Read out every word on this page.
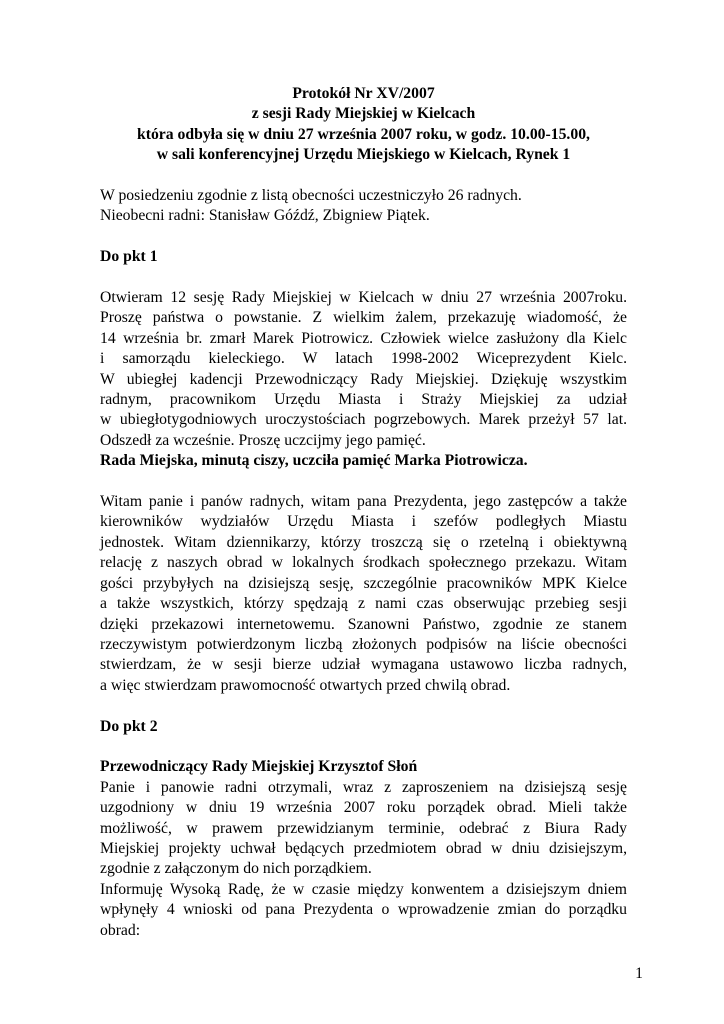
Protokół Nr XV/2007
z sesji Rady Miejskiej w Kielcach
która odbyła się w dniu 27 września 2007 roku, w godz. 10.00-15.00,
w sali konferencyjnej Urzędu Miejskiego w Kielcach, Rynek 1
W posiedzeniu zgodnie z listą obecności uczestniczyło 26 radnych.
Nieobecni radni: Stanisław Góźdź, Zbigniew Piątek.
Do pkt 1
Otwieram 12 sesję Rady Miejskiej w Kielcach w dniu 27 września 2007roku.
Proszę państwa o powstanie. Z wielkim żalem, przekazuję wiadomość, że
14 września br. zmarł Marek Piotrowicz. Człowiek wielce zasłużony dla Kielc
i samorządu kieleckiego. W latach 1998-2002 Wiceprezydent Kielc.
W ubiegłej kadencji Przewodniczący Rady Miejskiej. Dziękuję wszystkim
radnym, pracownikom Urzędu Miasta i Straży Miejskiej za udział
w ubiegłotygodniowych uroczystościach pogrzebowych. Marek przeżył 57 lat.
Odszedł za wcześnie. Proszę uczcijmy jego pamięć.
Rada Miejska, minutą ciszy, uczciła pamięć Marka Piotrowicza.
Witam panie i panów radnych, witam pana Prezydenta, jego zastępców a także
kierowników wydziałów Urzędu Miasta i szefów podległych Miastu
jednostek. Witam dziennikarzy, którzy troszczą się o rzetelną i obiektywną
relację z naszych obrad w lokalnych środkach społecznego przekazu. Witam
gości przybyłych na dzisiejszą sesję, szczególnie pracowników MPK Kielce
a także wszystkich, którzy spędzają z nami czas obserwując przebieg sesji
dzięki przekazowi internetowemu. Szanowni Państwo, zgodnie ze stanem
rzeczywistym potwierdzonym liczbą złożonych podpisów na liście obecności
stwierdzam, że w sesji bierze udział wymagana ustawowo liczba radnych,
a więc stwierdzam prawomocność otwartych przed chwilą obrad.
Do pkt 2
Przewodniczący Rady Miejskiej Krzysztof Słoń
Panie i panowie radni otrzymali, wraz z zaproszeniem na dzisiejszą sesję
uzgodniony w dniu 19 września 2007 roku porządek obrad. Mieli także
możliwość, w prawem przewidzianym terminie, odebrać z Biura Rady
Miejskiej projekty uchwał będących przedmiotem obrad w dniu dzisiejszym,
zgodnie z załączonym do nich porządkiem.
Informuję Wysoką Radę, że w czasie między konwentem a dzisiejszym dniem
wpłynęły 4 wnioski od pana Prezydenta o wprowadzenie zmian do porządku
obrad:
1
